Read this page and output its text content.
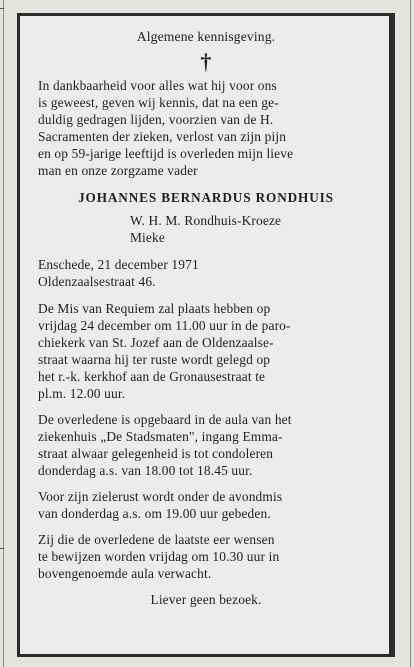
Algemene kennisgeving.
†
In dankbaarheid voor alles wat hij voor ons
is geweest, geven wij kennis, dat na een ge-
duldig gedragen lijden, voorzien van de H.
Sacramenten der zieken, verlost van zijn pijn
en op 59-jarige leeftijd is overleden mijn lieve
man en onze zorgzame vader
JOHANNES BERNARDUS RONDHUIS
W. H. M. Rondhuis-Kroeze
Mieke
Enschede, 21 december 1971
Oldenzaalsestraat 46.
De Mis van Requiem zal plaats hebben op
vrijdag 24 december om 11.00 uur in de paro-
chiekerk van St. Jozef aan de Oldenzaalse-
straat waarna hij ter ruste wordt gelegd op
het r.-k. kerkhof aan de Gronausestraat te
pl.m. 12.00 uur.
De overledene is opgebaard in de aula van het
ziekenhuis „De Stadsmaten", ingang Emma-
straat alwaar gelegenheid is tot condoleren
donderdag a.s. van 18.00 tot 18.45 uur.
Voor zijn zielerust wordt onder de avondmis
van donderdag a.s. om 19.00 uur gebeden.
Zij die de overledene de laatste eer wensen
te bewijzen worden vrijdag om 10.30 uur in
bovengenoemde aula verwacht.
Liever geen bezoek.
